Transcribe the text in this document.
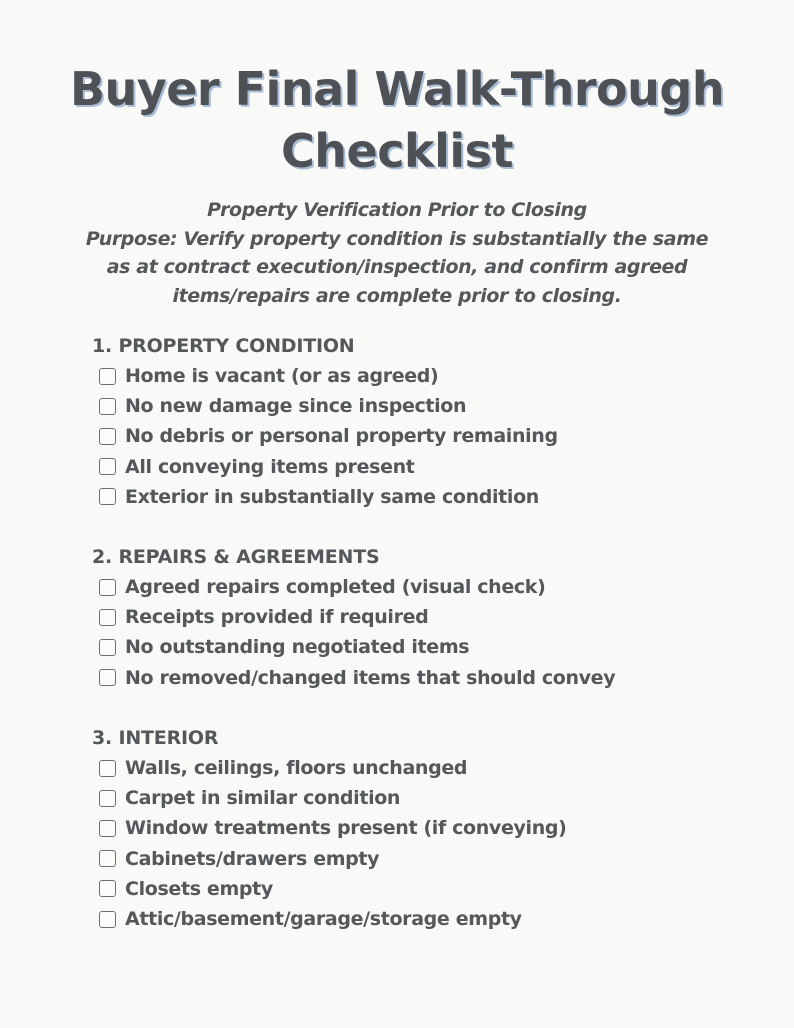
Buyer Final Walk-Through
Checklist
Property Verification Prior to Closing
Purpose: Verify property condition is substantially the same
as at contract execution/inspection, and confirm agreed
items/repairs are complete prior to closing.
1. PROPERTY CONDITION
Home is vacant (or as agreed)
No new damage since inspection
No debris or personal property remaining
All conveying items present
Exterior in substantially same condition
2. REPAIRS & AGREEMENTS
Agreed repairs completed (visual check)
Receipts provided if required
No outstanding negotiated items
No removed/changed items that should convey
3. INTERIOR
Walls, ceilings, floors unchanged
Carpet in similar condition
Window treatments present (if conveying)
Cabinets/drawers empty
Closets empty
Attic/basement/garage/storage empty
